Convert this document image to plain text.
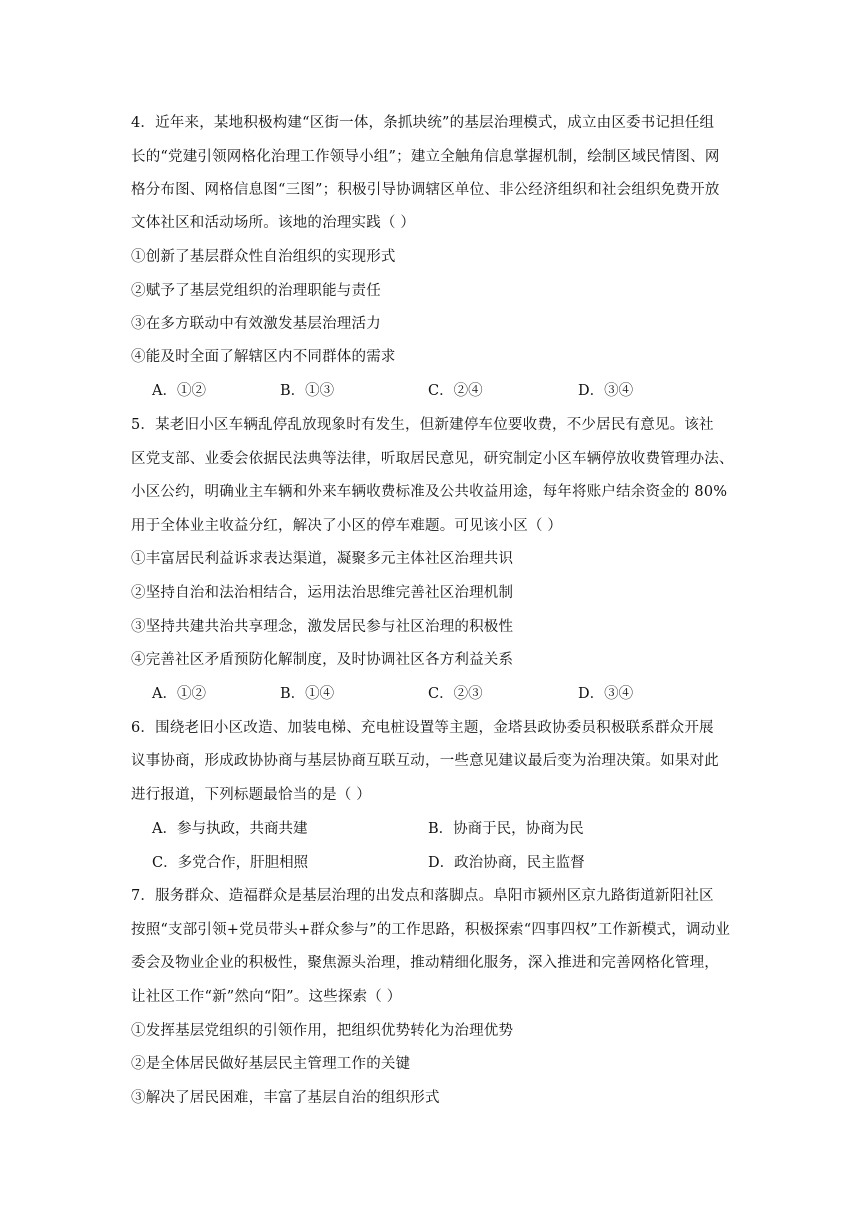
4．近年来，某地积极构建“区街一体，条抓块统”的基层治理模式，成立由区委书记担任组
长的“党建引领网格化治理工作领导小组”；建立全触角信息掌握机制，绘制区域民情图、网
格分布图、网格信息图“三图”；积极引导协调辖区单位、非公经济组织和社会组织免费开放
文体社区和活动场所。该地的治理实践（ ）
①创新了基层群众性自治组织的实现形式
②赋予了基层党组织的治理职能与责任
③在多方联动中有效激发基层治理活力
④能及时全面了解辖区内不同群体的需求
A．①②	B．①③	C．②④	D．③④
5．某老旧小区车辆乱停乱放现象时有发生，但新建停车位要收费，不少居民有意见。该社
区党支部、业委会依据民法典等法律，听取居民意见，研究制定小区车辆停放收费管理办法、
小区公约，明确业主车辆和外来车辆收费标准及公共收益用途，每年将账户结余资金的 80%
用于全体业主收益分红，解决了小区的停车难题。可见该小区（ ）
①丰富居民利益诉求表达渠道，凝聚多元主体社区治理共识
②坚持自治和法治相结合，运用法治思维完善社区治理机制
③坚持共建共治共享理念，激发居民参与社区治理的积极性
④完善社区矛盾预防化解制度，及时协调社区各方利益关系
A．①②	B．①④	C．②③	D．③④
6．围绕老旧小区改造、加装电梯、充电桩设置等主题，金塔县政协委员积极联系群众开展
议事协商，形成政协协商与基层协商互联互动，一些意见建议最后变为治理决策。如果对此
进行报道，下列标题最恰当的是（ ）
A．参与执政，共商共建	B．协商于民，协商为民
C．多党合作，肝胆相照	D．政治协商，民主监督
7．服务群众、造福群众是基层治理的出发点和落脚点。阜阳市颍州区京九路街道新阳社区
按照“支部引领+党员带头+群众参与”的工作思路，积极探索“四事四权”工作新模式，调动业
委会及物业企业的积极性，聚焦源头治理，推动精细化服务，深入推进和完善网格化管理，
让社区工作“新”然向“阳”。这些探索（ ）
①发挥基层党组织的引领作用，把组织优势转化为治理优势
②是全体居民做好基层民主管理工作的关键
③解决了居民困难，丰富了基层自治的组织形式
